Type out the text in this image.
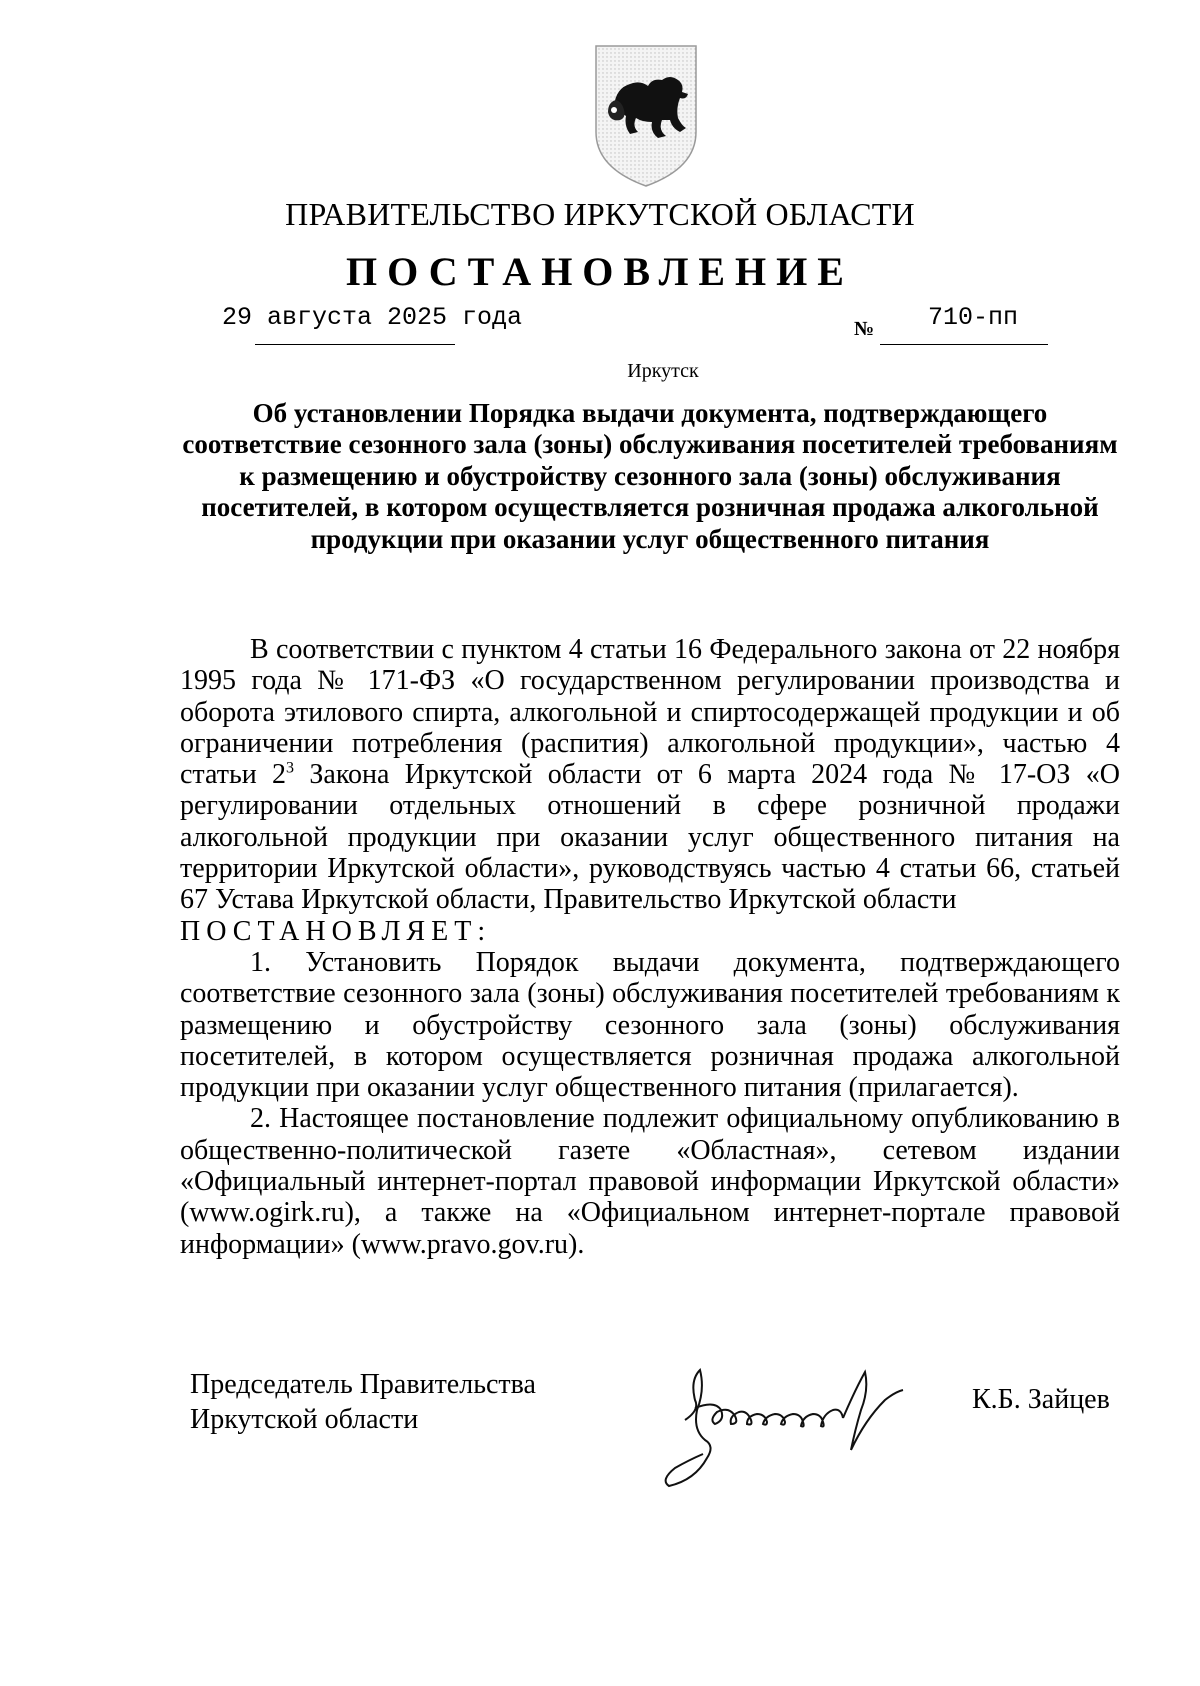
ПРАВИТЕЛЬСТВО ИРКУТСКОЙ ОБЛАСТИ
ПОСТАНОВЛЕНИЕ
29 августа 2025 года	№ 710-пп
Иркутск
Об установлении Порядка выдачи документа, подтверждающего соответствие сезонного зала (зоны) обслуживания посетителей требованиям к размещению и обустройству сезонного зала (зоны) обслуживания посетителей, в котором осуществляется розничная продажа алкогольной продукции при оказании услуг общественного питания

В соответствии с пунктом 4 статьи 16 Федерального закона от 22 ноября 1995 года № 171-ФЗ «О государственном регулировании производства и оборота этилового спирта, алкогольной и спиртосодержащей продукции и об ограничении потребления (распития) алкогольной продукции», частью 4 статьи $2^3$ Закона Иркутской области от 6 марта 2024 года № 17-ОЗ «О регулировании отдельных отношений в сфере розничной продажи алкогольной продукции при оказании услуг общественного питания на территории Иркутской области», руководствуясь частью 4 статьи 66, статьей 67 Устава Иркутской области, Правительство Иркутской области

ПОСТАНОВЛЯЕТ:

1. Установить Порядок выдачи документа, подтверждающего соответствие сезонного зала (зоны) обслуживания посетителей требованиям к размещению и обустройству сезонного зала (зоны) обслуживания посетителей, в котором осуществляется розничная продажа алкогольной продукции при оказании услуг общественного питания (прилагается).

2. Настоящее постановление подлежит официальному опубликованию в общественно-политической газете «Областная», сетевом издании «Официальный интернет-портал правовой информации Иркутской области» (www.ogirk.ru), а также на «Официальном интернет-портале правовой информации» (www.pravo.gov.ru).

Председатель Правительства
Иркутской области
К.Б. Зайцев
